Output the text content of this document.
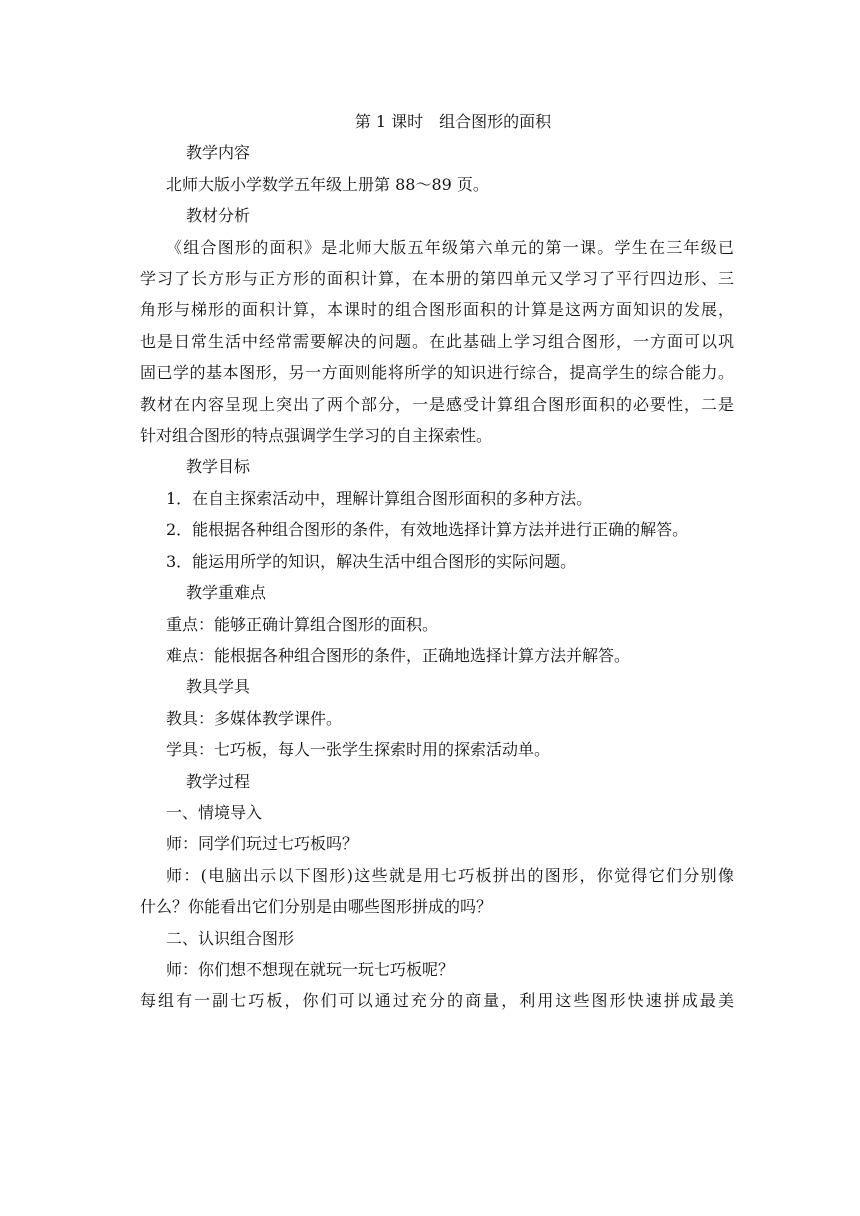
第 1 课时　组合图形的面积

教学内容

北师大版小学数学五年级上册第 88～89 页。

教材分析

《组合图形的面积》是北师大版五年级第六单元的第一课。学生在三年级已

学习了长方形与正方形的面积计算，在本册的第四单元又学习了平行四边形、三

角形与梯形的面积计算，本课时的组合图形面积的计算是这两方面知识的发展，

也是日常生活中经常需要解决的问题。在此基础上学习组合图形，一方面可以巩

固已学的基本图形，另一方面则能将所学的知识进行综合，提高学生的综合能力。

教材在内容呈现上突出了两个部分，一是感受计算组合图形面积的必要性，二是

针对组合图形的特点强调学生学习的自主探索性。

教学目标

1．在自主探索活动中，理解计算组合图形面积的多种方法。

2．能根据各种组合图形的条件，有效地选择计算方法并进行正确的解答。

3．能运用所学的知识，解决生活中组合图形的实际问题。

教学重难点

重点：能够正确计算组合图形的面积。

难点：能根据各种组合图形的条件，正确地选择计算方法并解答。

教具学具

教具：多媒体教学课件。

学具：七巧板，每人一张学生探索时用的探索活动单。

教学过程

一、情境导入

师：同学们玩过七巧板吗？

师：(电脑出示以下图形)这些就是用七巧板拼出的图形，你觉得它们分别像

什么？你能看出它们分别是由哪些图形拼成的吗？

二、认识组合图形

师：你们想不想现在就玩一玩七巧板呢？

每组有一副七巧板，你们可以通过充分的商量，利用这些图形快速拼成最美
